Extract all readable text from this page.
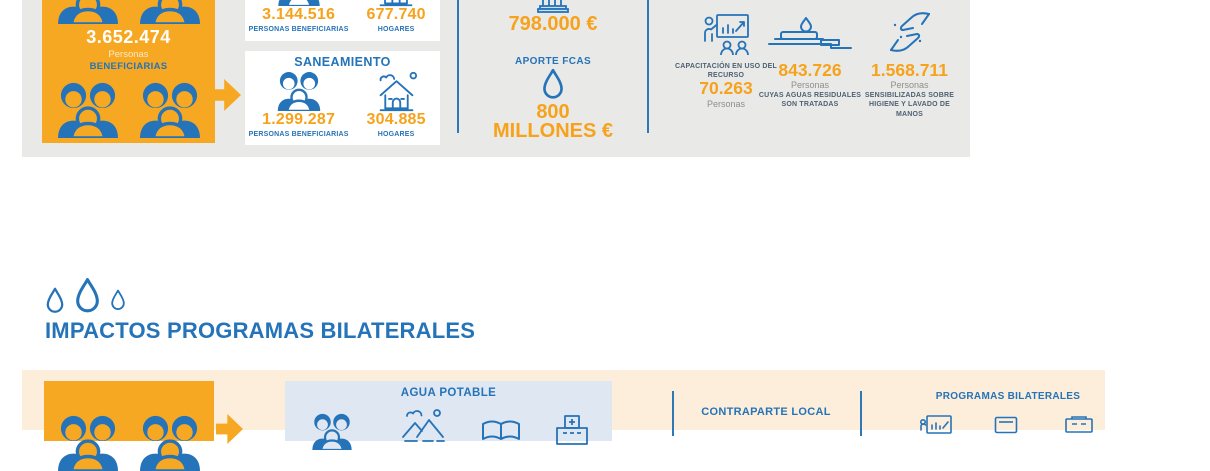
3.652.474
Personas
BENEFICIARIAS
3.144.516
PERSONAS BENEFICIARIAS
677.740
HOGARES
SANEAMIENTO
1.299.287
PERSONAS BENEFICIARIAS
304.885
HOGARES
798.000 €
APORTE FCAS
800
MILLONES €
CAPACITACIÓN EN USO DEL RECURSO
70.263
Personas
843.726
Personas
CUYAS AGUAS RESIDUALES SON TRATADAS
1.568.711
Personas
SENSIBILIZADAS SOBRE HIGIENE Y LAVADO DE MANOS
IMPACTOS PROGRAMAS BILATERALES
AGUA POTABLE
CONTRAPARTE LOCAL
PROGRAMAS BILATERALES
